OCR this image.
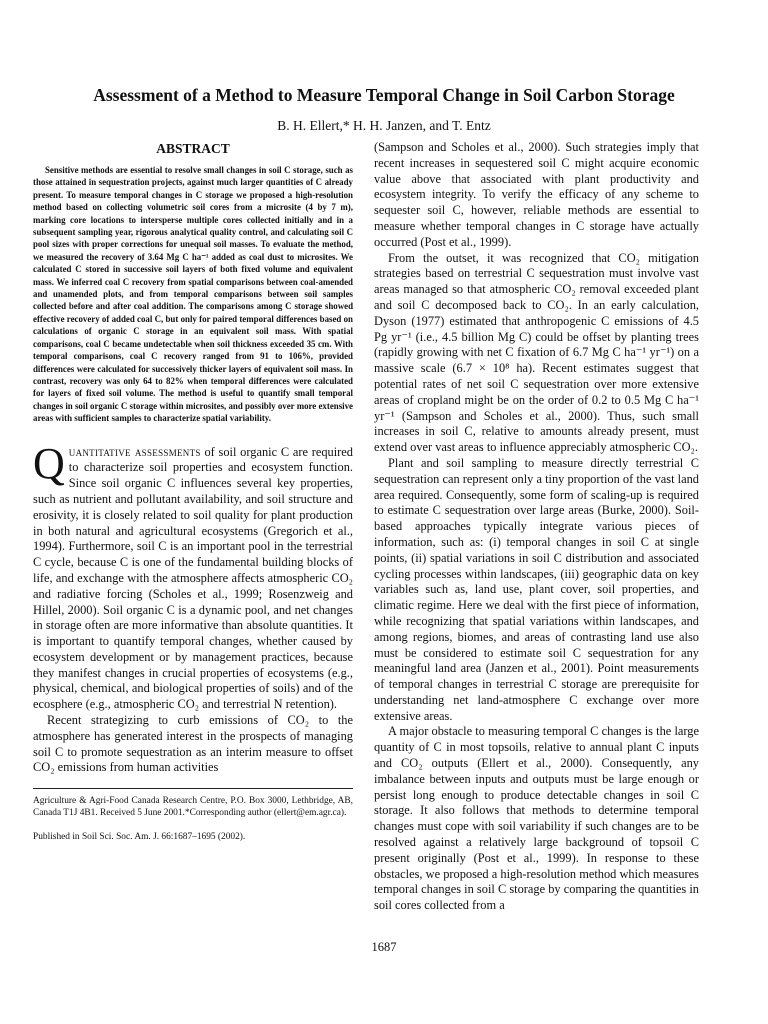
Assessment of a Method to Measure Temporal Change in Soil Carbon Storage
B. H. Ellert,* H. H. Janzen, and T. Entz
ABSTRACT

Sensitive methods are essential to resolve small changes in soil C storage, such as those attained in sequestration projects, against much larger quantities of C already present. To measure temporal changes in C storage we proposed a high-resolution method based on collecting volumetric soil cores from a microsite (4 by 7 m), marking core locations to intersperse multiple cores collected initially and in a subsequent sampling year, rigorous analytical quality control, and calculating soil C pool sizes with proper corrections for unequal soil masses. To evaluate the method, we measured the recovery of 3.64 Mg C ha⁻¹ added as coal dust to microsites. We calculated C stored in successive soil layers of both fixed volume and equivalent mass. We inferred coal C recovery from spatial comparisons between coal-amended and unamended plots, and from temporal comparisons between soil samples collected before and after coal addition. The comparisons among C storage showed effective recovery of added coal C, but only for paired temporal differences based on calculations of organic C storage in an equivalent soil mass. With spatial comparisons, coal C became undetectable when soil thickness exceeded 35 cm. With temporal comparisons, coal C recovery ranged from 91 to 106%, provided differences were calculated for successively thicker layers of equivalent soil mass. In contrast, recovery was only 64 to 82% when temporal differences were calculated for layers of fixed soil volume. The method is useful to quantify small temporal changes in soil organic C storage within microsites, and possibly over more extensive areas with sufficient samples to characterize spatial variability.

Quantitative assessments of soil organic C are required to characterize soil properties and ecosystem function. Since soil organic C influences several key properties, such as nutrient and pollutant availability, and soil structure and erosivity, it is closely related to soil quality for plant production in both natural and agricultural ecosystems (Gregorich et al., 1994). Furthermore, soil C is an important pool in the terrestrial C cycle, because C is one of the fundamental building blocks of life, and exchange with the atmosphere affects atmospheric CO₂ and radiative forcing (Scholes et al., 1999; Rosenzweig and Hillel, 2000). Soil organic C is a dynamic pool, and net changes in storage often are more informative than absolute quantities. It is important to quantify temporal changes, whether caused by ecosystem development or by management practices, because they manifest changes in crucial properties of ecosystems (e.g., physical, chemical, and biological properties of soils) and of the ecosphere (e.g., atmospheric CO₂ and terrestrial N retention).

Recent strategizing to curb emissions of CO₂ to the atmosphere has generated interest in the prospects of managing soil C to promote sequestration as an interim measure to offset CO₂ emissions from human activities

Agriculture & Agri-Food Canada Research Centre, P.O. Box 3000, Lethbridge, AB, Canada T1J 4B1. Received 5 June 2001.*Corresponding author (ellert@em.agr.ca).

Published in Soil Sci. Soc. Am. J. 66:1687–1695 (2002).

(Sampson and Scholes et al., 2000). Such strategies imply that recent increases in sequestered soil C might acquire economic value above that associated with plant productivity and ecosystem integrity. To verify the efficacy of any scheme to sequester soil C, however, reliable methods are essential to measure whether temporal changes in C storage have actually occurred (Post et al., 1999).

From the outset, it was recognized that CO₂ mitigation strategies based on terrestrial C sequestration must involve vast areas managed so that atmospheric CO₂ removal exceeded plant and soil C decomposed back to CO₂. In an early calculation, Dyson (1977) estimated that anthropogenic C emissions of 4.5 Pg yr⁻¹ (i.e., 4.5 billion Mg C) could be offset by planting trees (rapidly growing with net C fixation of 6.7 Mg C ha⁻¹ yr⁻¹) on a massive scale (6.7 × 10⁸ ha). Recent estimates suggest that potential rates of net soil C sequestration over more extensive areas of cropland might be on the order of 0.2 to 0.5 Mg C ha⁻¹ yr⁻¹ (Sampson and Scholes et al., 2000). Thus, such small increases in soil C, relative to amounts already present, must extend over vast areas to influence appreciably atmospheric CO₂.

Plant and soil sampling to measure directly terrestrial C sequestration can represent only a tiny proportion of the vast land area required. Consequently, some form of scaling-up is required to estimate C sequestration over large areas (Burke, 2000). Soil-based approaches typically integrate various pieces of information, such as: (i) temporal changes in soil C at single points, (ii) spatial variations in soil C distribution and associated cycling processes within landscapes, (iii) geographic data on key variables such as, land use, plant cover, soil properties, and climatic regime. Here we deal with the first piece of information, while recognizing that spatial variations within landscapes, and among regions, biomes, and areas of contrasting land use also must be considered to estimate soil C sequestration for any meaningful land area (Janzen et al., 2001). Point measurements of temporal changes in terrestrial C storage are prerequisite for understanding net land-atmosphere C exchange over more extensive areas.

A major obstacle to measuring temporal C changes is the large quantity of C in most topsoils, relative to annual plant C inputs and CO₂ outputs (Ellert et al., 2000). Consequently, any imbalance between inputs and outputs must be large enough or persist long enough to produce detectable changes in soil C storage. It also follows that methods to determine temporal changes must cope with soil variability if such changes are to be resolved against a relatively large background of topsoil C present originally (Post et al., 1999). In response to these obstacles, we proposed a high-resolution method which measures temporal changes in soil C storage by comparing the quantities in soil cores collected from a

1687
